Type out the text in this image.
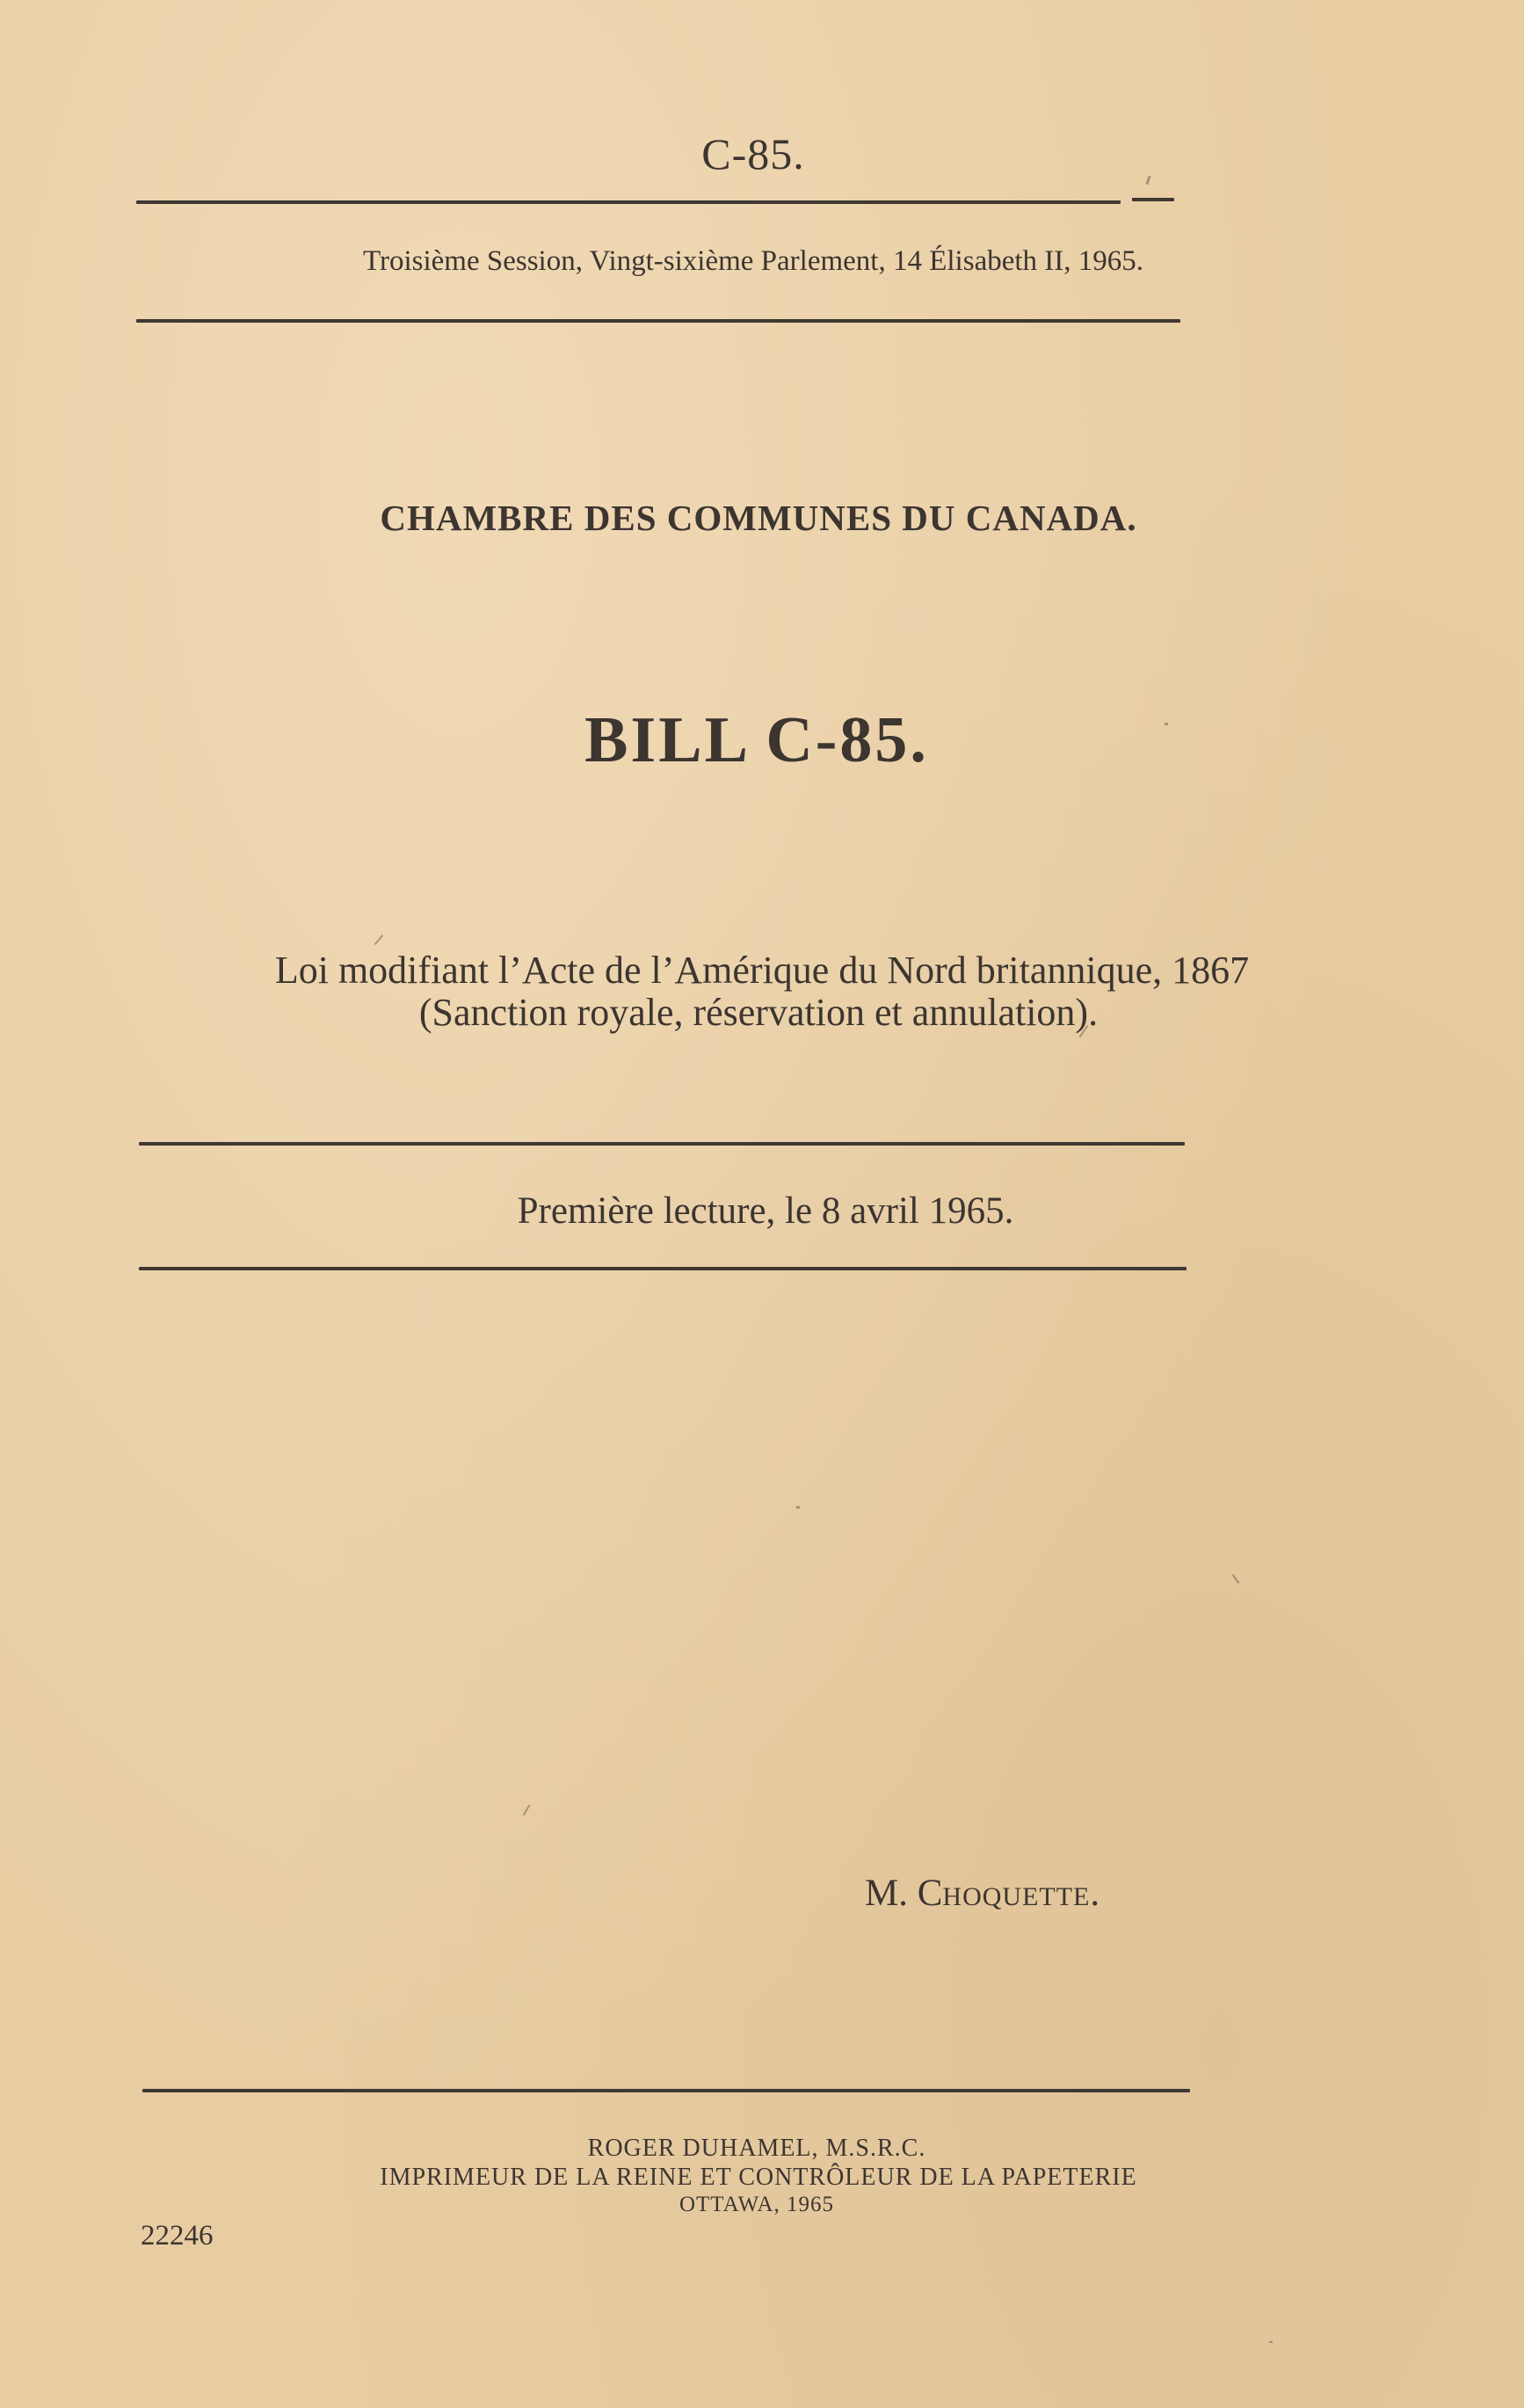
C-85.
Troisième Session, Vingt-sixième Parlement, 14 Élisabeth II, 1965.
CHAMBRE DES COMMUNES DU CANADA.
BILL C-85.
Loi modifiant l’Acte de l’Amérique du Nord britannique, 1867
(Sanction royale, réservation et annulation).
Première lecture, le 8 avril 1965.
M. Choquette.
ROGER DUHAMEL, M.S.R.C.
IMPRIMEUR DE LA REINE ET CONTRÔLEUR DE LA PAPETERIE
OTTAWA, 1965
22246
